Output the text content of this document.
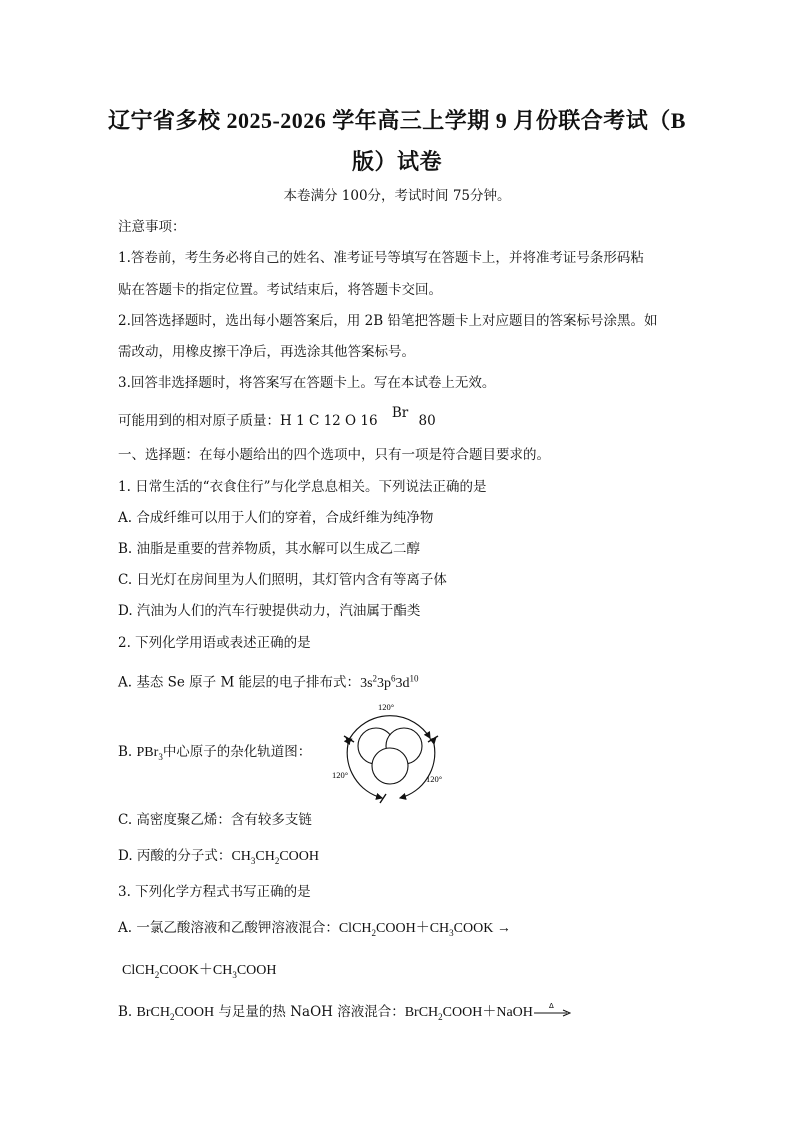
辽宁省多校 2025-2026 学年高三上学期 9 月份联合考试（B
版）试卷
本卷满分 100分，考试时间 75分钟。
注意事项：
1.答卷前，考生务必将自己的姓名、准考证号等填写在答题卡上，并将准考证号条形码粘
贴在答题卡的指定位置。考试结束后，将答题卡交回。
2.回答选择题时，选出每小题答案后，用 2B 铅笔把答题卡上对应题目的答案标号涂黑。如
需改动，用橡皮擦干净后，再选涂其他答案标号。
3.回答非选择题时，将答案写在答题卡上。写在本试卷上无效。
可能用到的相对原子质量：H 1 C 12 O 16 Br 80
一、选择题：在每小题给出的四个选项中，只有一项是符合题目要求的。
1. 日常生活的“衣食住行”与化学息息相关。下列说法正确的是
A. 合成纤维可以用于人们的穿着，合成纤维为纯净物
B. 油脂是重要的营养物质，其水解可以生成乙二醇
C. 日光灯在房间里为人们照明，其灯管内含有等离子体
D. 汽油为人们的汽车行驶提供动力，汽油属于酯类
2. 下列化学用语或表述正确的是
A. 基态 Se 原子 M 能层的电子排布式：$3s^23p^63d^{10}$
B. PBr$_3$中心原子的杂化轨道图：
120°
120°	120°
C. 高密度聚乙烯：含有较多支链
D. 丙酸的分子式：$CH_3CH_2COOH$
3. 下列化学方程式书写正确的是
A. 一氯乙酸溶液和乙酸钾溶液混合：$ClCH_2COOH+CH_3COOK$ →
$ClCH_2COOK+CH_3COOH$
B. BrCH$_2$COOH 与足量的热 NaOH 溶液混合：BrCH$_2$COOH＋NaOH Δ
